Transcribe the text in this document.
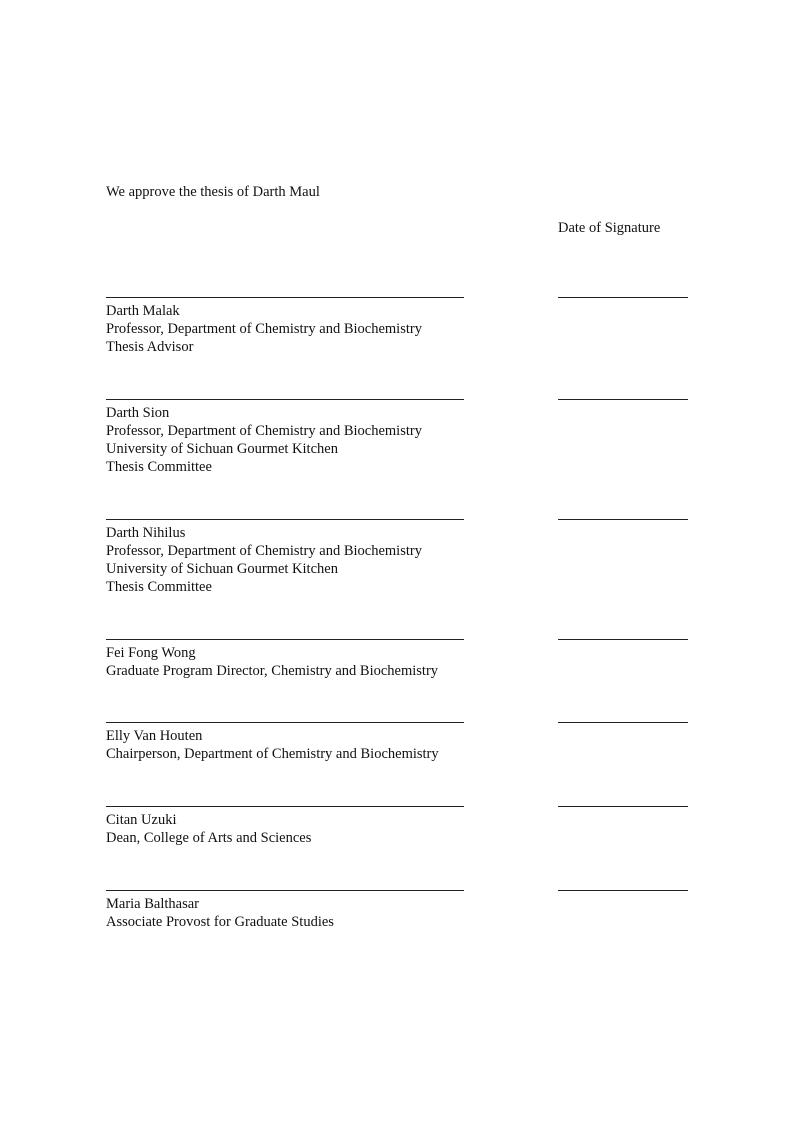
We approve the thesis of Darth Maul
Date of Signature
Darth Malak
Professor, Department of Chemistry and Biochemistry
Thesis Advisor
Darth Sion
Professor, Department of Chemistry and Biochemistry
University of Sichuan Gourmet Kitchen
Thesis Committee
Darth Nihilus
Professor, Department of Chemistry and Biochemistry
University of Sichuan Gourmet Kitchen
Thesis Committee
Fei Fong Wong
Graduate Program Director, Chemistry and Biochemistry
Elly Van Houten
Chairperson, Department of Chemistry and Biochemistry
Citan Uzuki
Dean, College of Arts and Sciences
Maria Balthasar
Associate Provost for Graduate Studies
